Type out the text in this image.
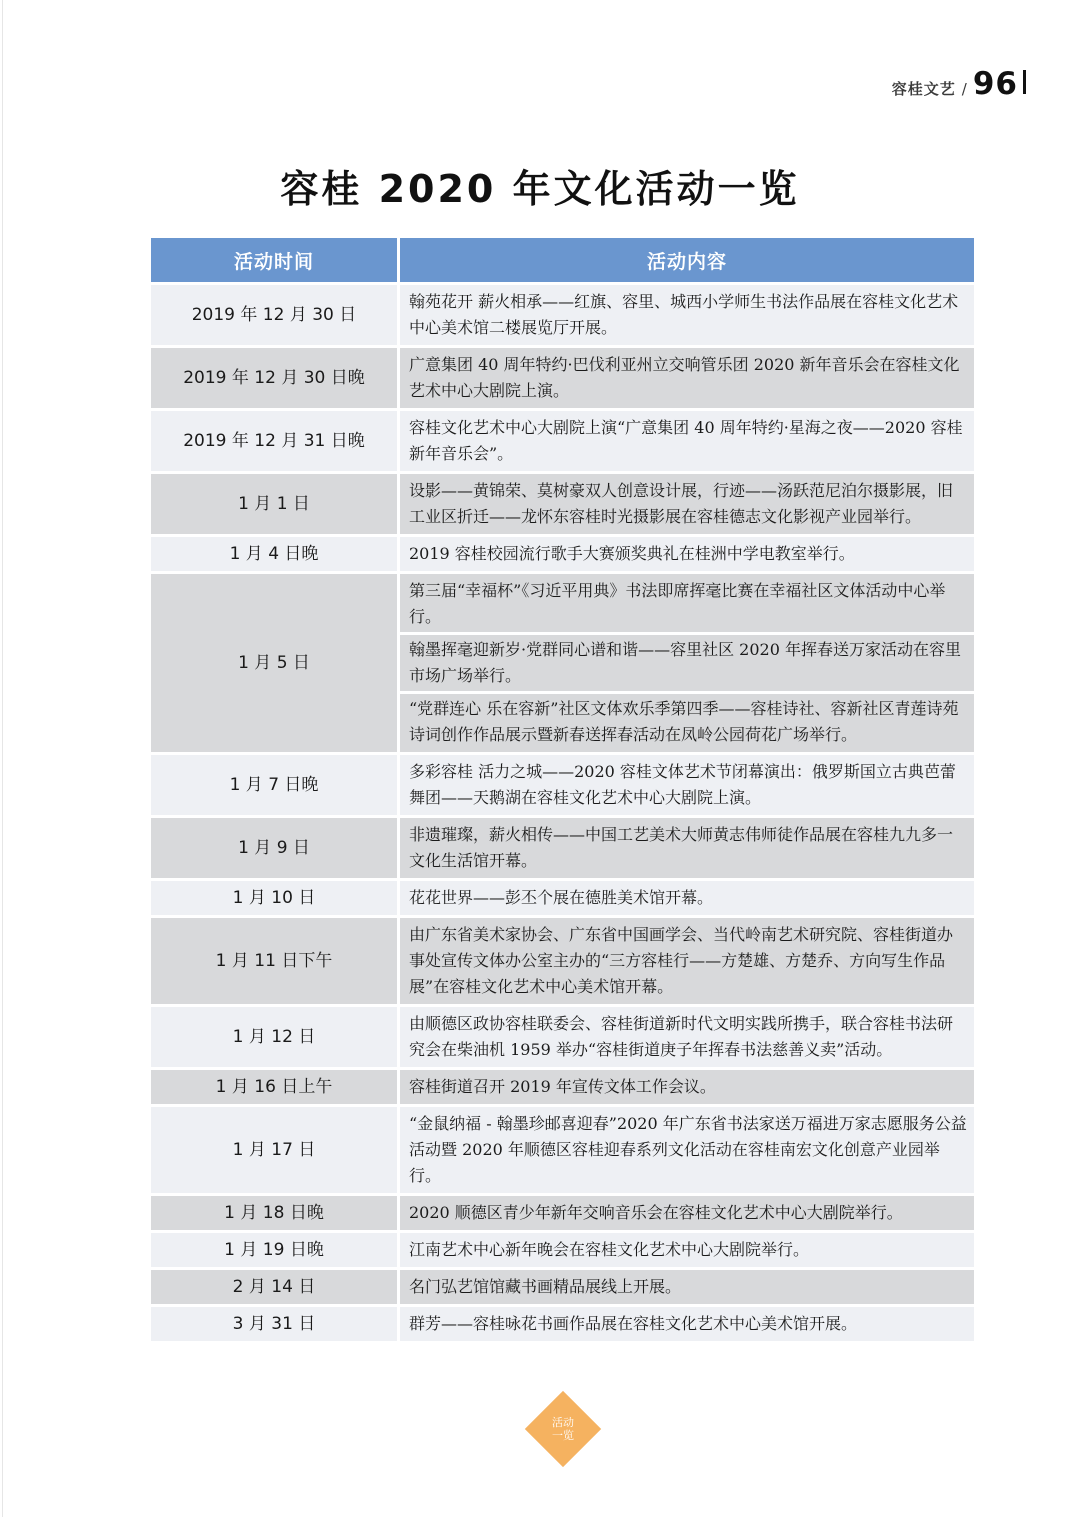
容桂文艺 / 96
容桂 2020 年文化活动一览
活动时间	活动内容
2019 年 12 月 30 日	翰苑花开 薪火相承——红旗、容里、城西小学师生书法作品展在容桂文化艺术中心美术馆二楼展览厅开展。

2019 年 12 月 30 日晚	广意集团 40 周年特约·巴伐利亚州立交响管乐团 2020 新年音乐会在容桂文化艺术中心大剧院上演。

2019 年 12 月 31 日晚	容桂文化艺术中心大剧院上演“广意集团 40 周年特约·星海之夜——2020 容桂新年音乐会”。

1 月 1 日	设影——黄锦荣、莫树豪双人创意设计展，行迹——汤跃范尼泊尔摄影展，旧工业区折迁——龙怀东容桂时光摄影展在容桂德志文化影视产业园举行。

1 月 4 日晚	2019 容桂校园流行歌手大赛颁奖典礼在桂洲中学电教室举行。

1 月 5 日	第三届“幸福杯”《习近平用典》书法即席挥毫比赛在幸福社区文体活动中心举行。
翰墨挥毫迎新岁·党群同心谱和谐——容里社区 2020 年挥春送万家活动在容里市场广场举行。
“党群连心 乐在容新”社区文体欢乐季第四季——容桂诗社、容新社区青莲诗苑诗词创作作品展示暨新春送挥春活动在凤岭公园荷花广场举行。

1 月 7 日晚	多彩容桂 活力之城——2020 容桂文体艺术节闭幕演出：俄罗斯国立古典芭蕾舞团——天鹅湖在容桂文化艺术中心大剧院上演。

1 月 9 日	非遗璀璨，薪火相传——中国工艺美术大师黄志伟师徒作品展在容桂九九多一文化生活馆开幕。

1 月 10 日	花花世界——彭丕个展在德胜美术馆开幕。

1 月 11 日下午	由广东省美术家协会、广东省中国画学会、当代岭南艺术研究院、容桂街道办事处宣传文体办公室主办的“三方容桂行——方楚雄、方楚乔、方向写生作品展”在容桂文化艺术中心美术馆开幕。

1 月 12 日	由顺德区政协容桂联委会、容桂街道新时代文明实践所携手，联合容桂书法研究会在柴油机 1959 举办“容桂街道庚子年挥春书法慈善义卖”活动。

1 月 16 日上午	容桂街道召开 2019 年宣传文体工作会议。

1 月 17 日	“金鼠纳福 - 翰墨珍邮喜迎春”2020 年广东省书法家送万福进万家志愿服务公益活动暨 2020 年顺德区容桂迎春系列文化活动在容桂南宏文化创意产业园举行。

1 月 18 日晚	2020 顺德区青少年新年交响音乐会在容桂文化艺术中心大剧院举行。

1 月 19 日晚	江南艺术中心新年晚会在容桂文化艺术中心大剧院举行。

2 月 14 日	名门弘艺馆馆藏书画精品展线上开展。

3 月 31 日	群芳——容桂咏花书画作品展在容桂文化艺术中心美术馆开展。
活动
一览
